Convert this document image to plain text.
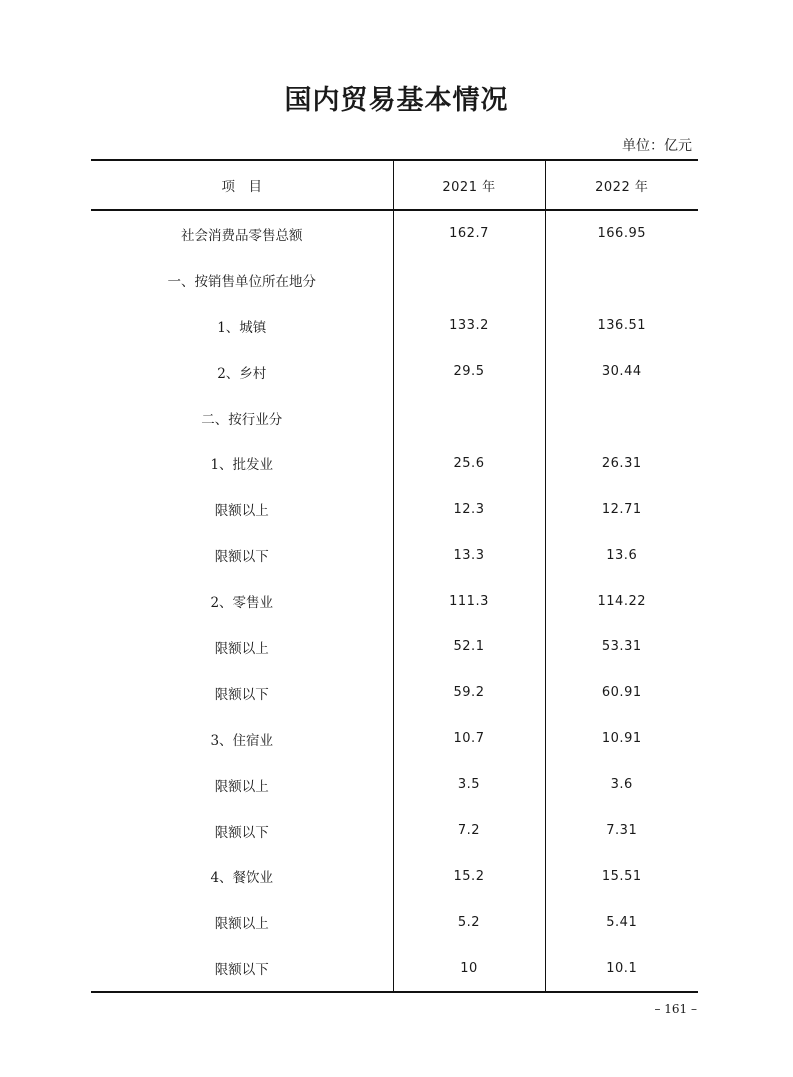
国内贸易基本情况
单位：亿元
项　目	2021 年	2022 年
社会消费品零售总额	162.7	166.95
一、按销售单位所在地分		
1、城镇	133.2	136.51
2、乡村	29.5	30.44
二、按行业分		
1、批发业	25.6	26.31
限额以上	12.3	12.71
限额以下	13.3	13.6
2、零售业	111.3	114.22
限额以上	52.1	53.31
限额以下	59.2	60.91
3、住宿业	10.7	10.91
限额以上	3.5	3.6
限额以下	7.2	7.31
4、餐饮业	15.2	15.51
限额以上	5.2	5.41
限额以下	10	10.1
– 161 –
